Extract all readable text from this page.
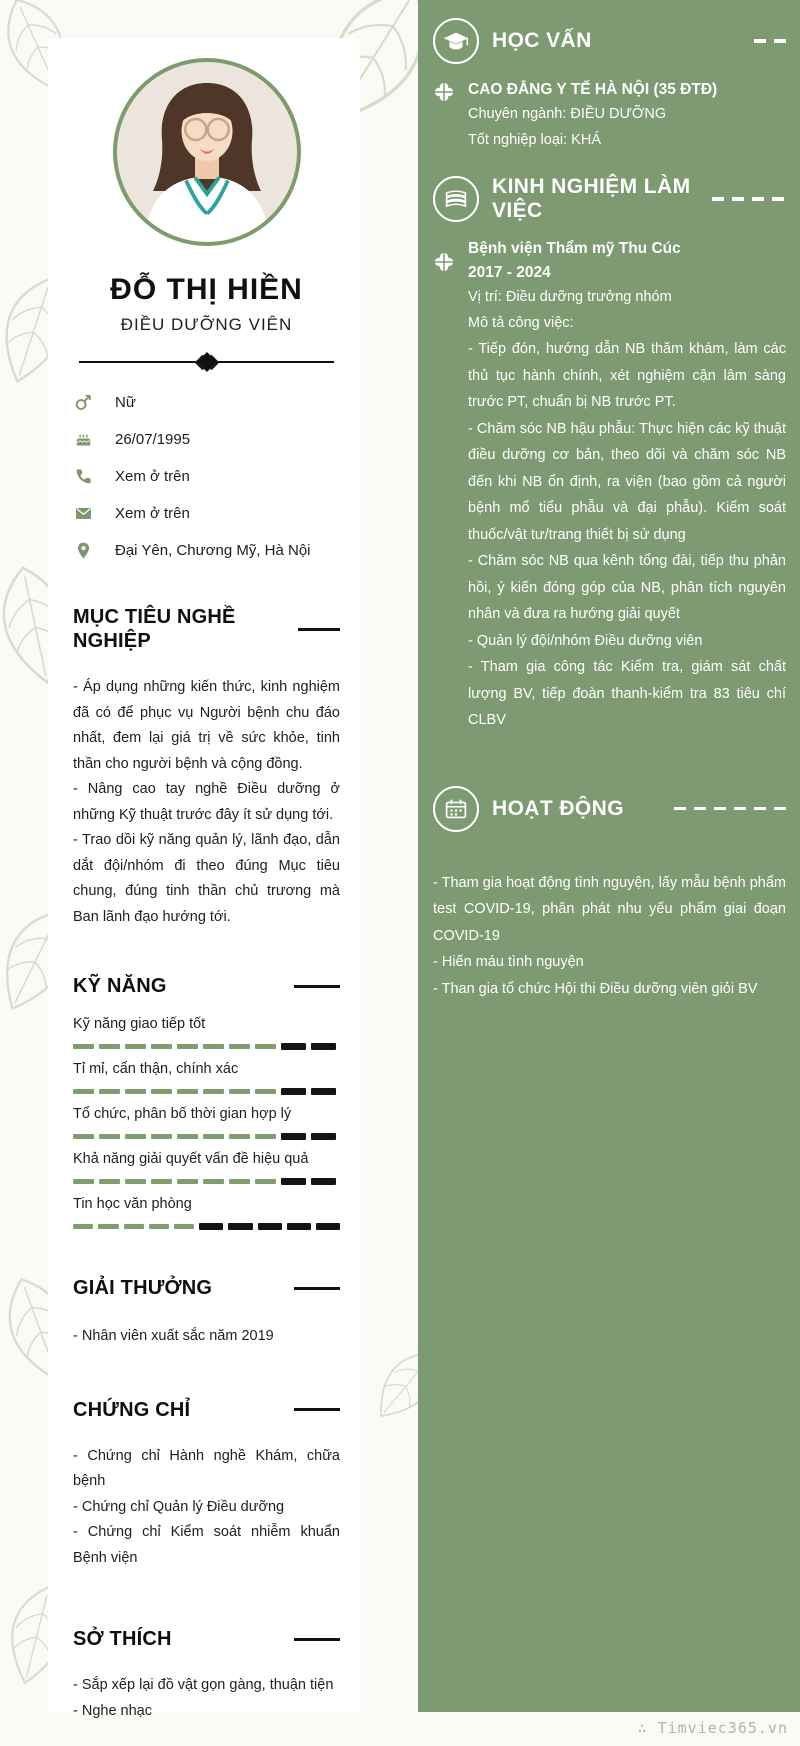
ĐỖ THỊ HIỀN
ĐIỀU DƯỠNG VIÊN
Nữ
26/07/1995
Xem ở trên
Xem ở trên
Đại Yên, Chương Mỹ, Hà Nội
MỤC TIÊU NGHỀ NGHIỆP
- Áp dụng những kiến thức, kinh nghiệm đã có để phục vụ Người bệnh chu đáo nhất, đem lại giá trị về sức khỏe, tinh thần cho người bệnh và cộng đồng.
- Nâng cao tay nghề Điều dưỡng ở những Kỹ thuật trước đây ít sử dụng tới.
- Trao dồi kỹ năng quản lý, lãnh đạo, dẫn dắt đội/nhóm đi theo đúng Mục tiêu chung, đúng tinh thần chủ trương mà Ban lãnh đạo hướng tới.
KỸ NĂNG
Kỹ năng giao tiếp tốt
Tỉ mỉ, cẩn thận, chính xác
Tổ chức, phân bố thời gian hợp lý
Khả năng giải quyết vấn đề hiệu quả
Tin học văn phòng
GIẢI THƯỞNG
- Nhân viên xuất sắc năm 2019
CHỨNG CHỈ
- Chứng chỉ Hành nghề Khám, chữa bệnh
- Chứng chỉ Quản lý Điều dưỡng
- Chứng chỉ Kiểm soát nhiễm khuẩn Bệnh viện
SỞ THÍCH
- Sắp xếp lại đồ vật gọn gàng, thuận tiện
- Nghe nhạc
HỌC VẤN
CAO ĐẲNG Y TẾ HÀ NỘI (35 ĐTĐ)
Chuyên ngành: ĐIỀU DƯỠNG
Tốt nghiệp loại: KHÁ
KINH NGHIỆM LÀM VIỆC
Bệnh viện Thẩm mỹ Thu Cúc
2017 - 2024
Vị trí: Điều dưỡng trưởng nhóm
Mô tả công việc:
- Tiếp đón, hướng dẫn NB thăm khám, làm các thủ tục hành chính, xét nghiệm cận lâm sàng trước PT, chuẩn bị NB trước PT.
- Chăm sóc NB hậu phẫu: Thực hiện các kỹ thuật điều dưỡng cơ bản, theo dõi và chăm sóc NB đến khi NB ổn định, ra viện (bao gồm cả người bệnh mổ tiểu phẫu và đại phẫu). Kiểm soát thuốc/vật tư/trang thiết bị sử dụng
- Chăm sóc NB qua kênh tổng đài, tiếp thu phản hồi, ý kiến đóng góp của NB, phân tích nguyên nhân và đưa ra hướng giải quyết
- Quản lý đội/nhóm Điều dưỡng viên
- Tham gia công tác Kiểm tra, giám sát chất lượng BV, tiếp đoàn thanh-kiểm tra 83 tiêu chí CLBV
HOẠT ĐỘNG
- Tham gia hoạt động tình nguyện, lấy mẫu bệnh phẩm test COVID-19, phân phát nhu yếu phẩm giai đoạn COVID-19
- Hiến máu tình nguyện
- Than gia tổ chức Hội thi Điều dưỡng viên giỏi BV
∴ Timviec365.vn
